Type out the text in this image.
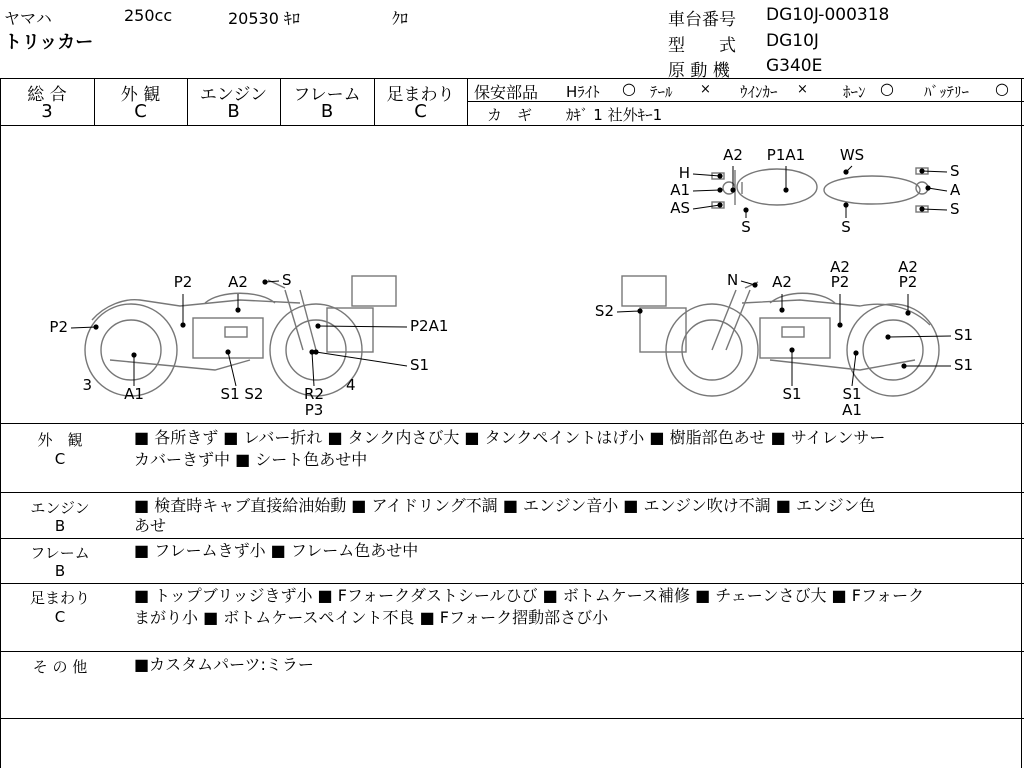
ヤマハ	250cc	20530 ｷﾛ	ｸﾛ
トリッカー
車台番号 DG10J-000318
型　　式 DG10J
原 動 機 G340E
総 合	外 観	エンジン	フレーム	足まわり
3	C	B	B	C
保安部品 Hﾗｲﾄ ○ ﾃｰﾙ × ｳｲﾝｶｰ × ﾎｰﾝ ○ ﾊﾞｯﾃﾘｰ ○
カ　ギ ｶｷﾞ 1 社外ｷｰ1
A2 P1A1 WS
H
A1
AS
S	S
S
A
S
P2 A2 S
P2	P2A1
S1
3 A1	S1 S2	R2
P3
4
N A2
A2
P2
A2
P2
S2
S1
S1
S1	S1
A1
外　観
C
■ 各所きず ■ レバー折れ ■ タンク内さび大 ■ タンクペイントはげ小 ■ 樹脂部色あせ ■ サイレンサー
カバーきず中 ■ シート色あせ中
エンジン
B
■ 検査時キャブ直接給油始動 ■ アイドリング不調 ■ エンジン音小 ■ エンジン吹け不調 ■ エンジン色
あせ
フレーム
B
■ フレームきず小 ■ フレーム色あせ中
足まわり
C
■ トップブリッジきず小 ■ Fフォークダストシールひび ■ ボトムケース補修 ■ チェーンさび大 ■ Fフォーク
まがり小 ■ ボトムケースペイント不良 ■ Fフォーク摺動部さび小
そ の 他	■カスタムパーツ:ミラー
